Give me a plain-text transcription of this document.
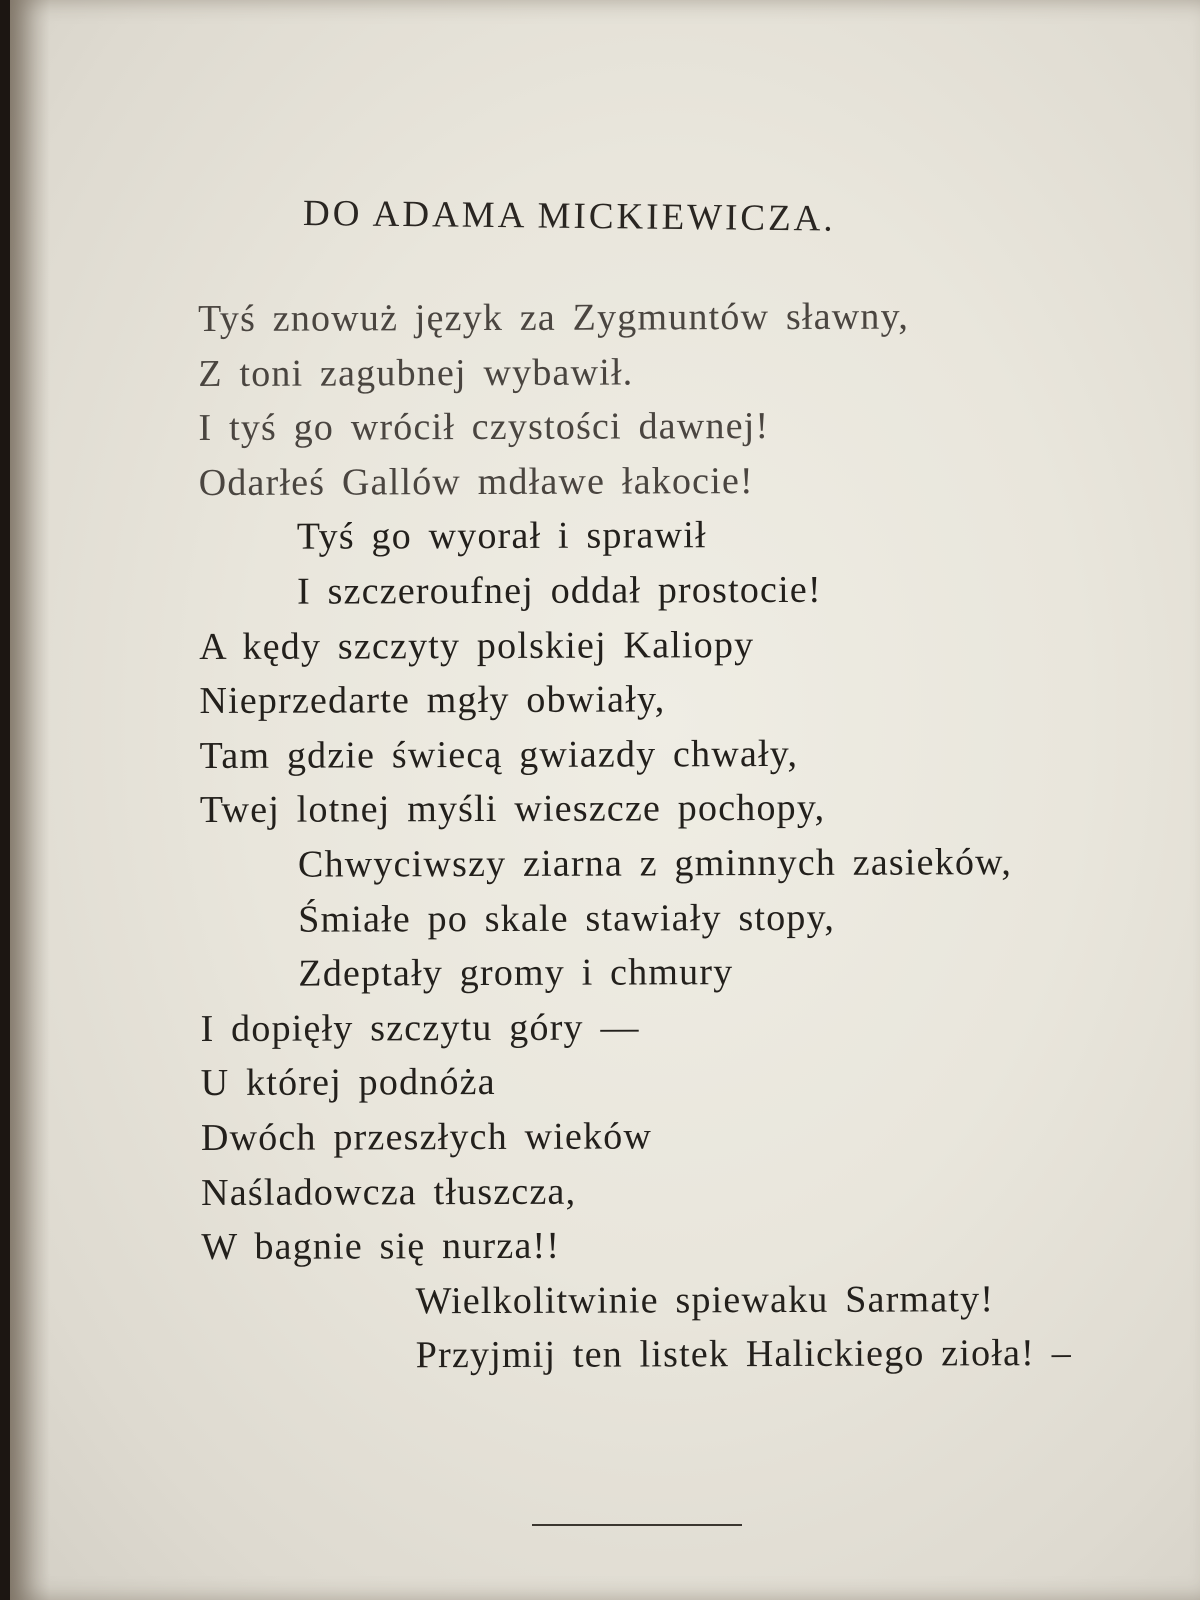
DO ADAMA MICKIEWICZA.
Tyś znowuż język za Zygmuntów sławny,
Z toni zagubnej wybawił.
I tyś go wrócił czystości dawnej!
Odarłeś Gallów mdławe łakocie!
Tyś go wyorał i sprawił
I szczeroufnej oddał prostocie!
A kędy szczyty polskiej Kaliopy
Nieprzedarte mgły obwiały,
Tam gdzie świecą gwiazdy chwały,
Twej lotnej myśli wieszcze pochopy,
Chwyciwszy ziarna z gminnych zasieków,
Śmiałe po skale stawiały stopy,
Zdeptały gromy i chmury
I dopięły szczytu góry —
U której podnóża
Dwóch przeszłych wieków
Naśladowcza tłuszcza,
W bagnie się nurza!!
Wielkolitwinie spiewaku Sarmaty!
Przyjmij ten listek Halickiego zioła! –
